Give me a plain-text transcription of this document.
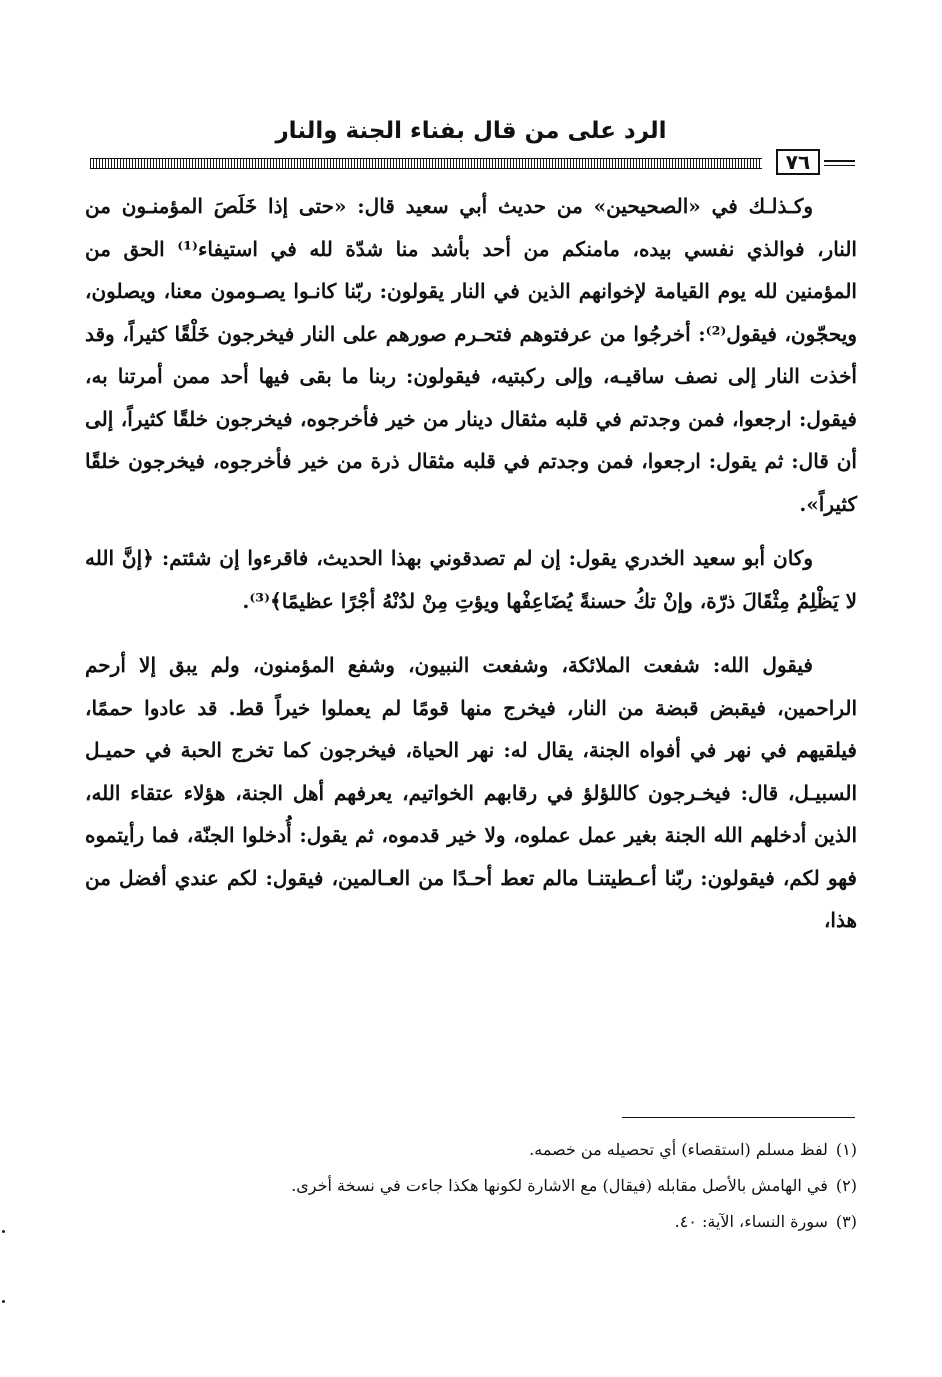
الرد على من قال بفناء الجنة والنار
٧٦

وكـذلـك في «الصحيحين» من حديث أبي سعيد قال: «حتى إذا خَلَصَ المؤمنـون من النار، فوالذي نفسي بيده، مامنكم من أحد بأشد منا شدّة لله في استيفاء⁽¹⁾ الحق من المؤمنين لله يوم القيامة لإخوانهم الذين في النار يقولون: ربّنا كانـوا يصـومون معنا، ويصلون، ويحجّون، فيقول⁽²⁾: أخرجُوا من عرفتوهم فتحـرم صورهم على النار فيخرجون خَلْقًا كثيراً، وقد أخذت النار إلى نصف ساقيـه، وإلى ركبتيه، فيقولون: ربنا ما بقى فيها أحد ممن أمرتنا به، فيقول: ارجعوا، فمن وجدتم في قلبه مثقال دينار من خير فأخرجوه، فيخرجون خلقًا كثيراً، إلى أن قال: ثم يقول: ارجعوا، فمن وجدتم في قلبه مثقال ذرة من خير فأخرجوه، فيخرجون خلقًا كثيراً».

وكان أبو سعيد الخدري يقول: إن لم تصدقوني بهذا الحديث، فاقرءوا إن شئتم: ﴿إنَّ الله لا يَظْلِمُ مِثْقَالَ ذرّة، وإنْ تكُ حسنةً يُضَاعِفْها ويؤتِ مِنْ لدُنْهُ أجْرًا عظيمًا﴾⁽³⁾.

فيقول الله: شفعت الملائكة، وشفعت النبيون، وشفع المؤمنون، ولم يبق إلا أرحم الراحمين، فيقبض قبضة من النار، فيخرج منها قومًا لم يعملوا خيراً قط. قد عادوا حممًا، فيلقيهم في نهر في أفواه الجنة، يقال له: نهر الحياة، فيخرجون كما تخرج الحبة في حميـل السبيـل، قال: فيخـرجون كاللؤلؤ في رقابهم الخواتيم، يعرفهم أهل الجنة، هؤلاء عتقاء الله، الذين أدخلهم الله الجنة بغير عمل عملوه، ولا خير قدموه، ثم يقول: أُدخلوا الجنّة، فما رأيتموه فهو لكم، فيقولون: ربّنا أعـطيتنـا مالم تعط أحـدًا من العـالمين، فيقول: لكم عندي أفضل من هذا،

(١)
لفظ مسلم (استقصاء) أي تحصيله من خصمه.
(٢)
في الهامش بالأصل مقابله (فيقال) مع الاشارة لكونها هكذا جاءت في نسخة أخرى.
(٣)
سورة النساء، الآية: ٤٠.
